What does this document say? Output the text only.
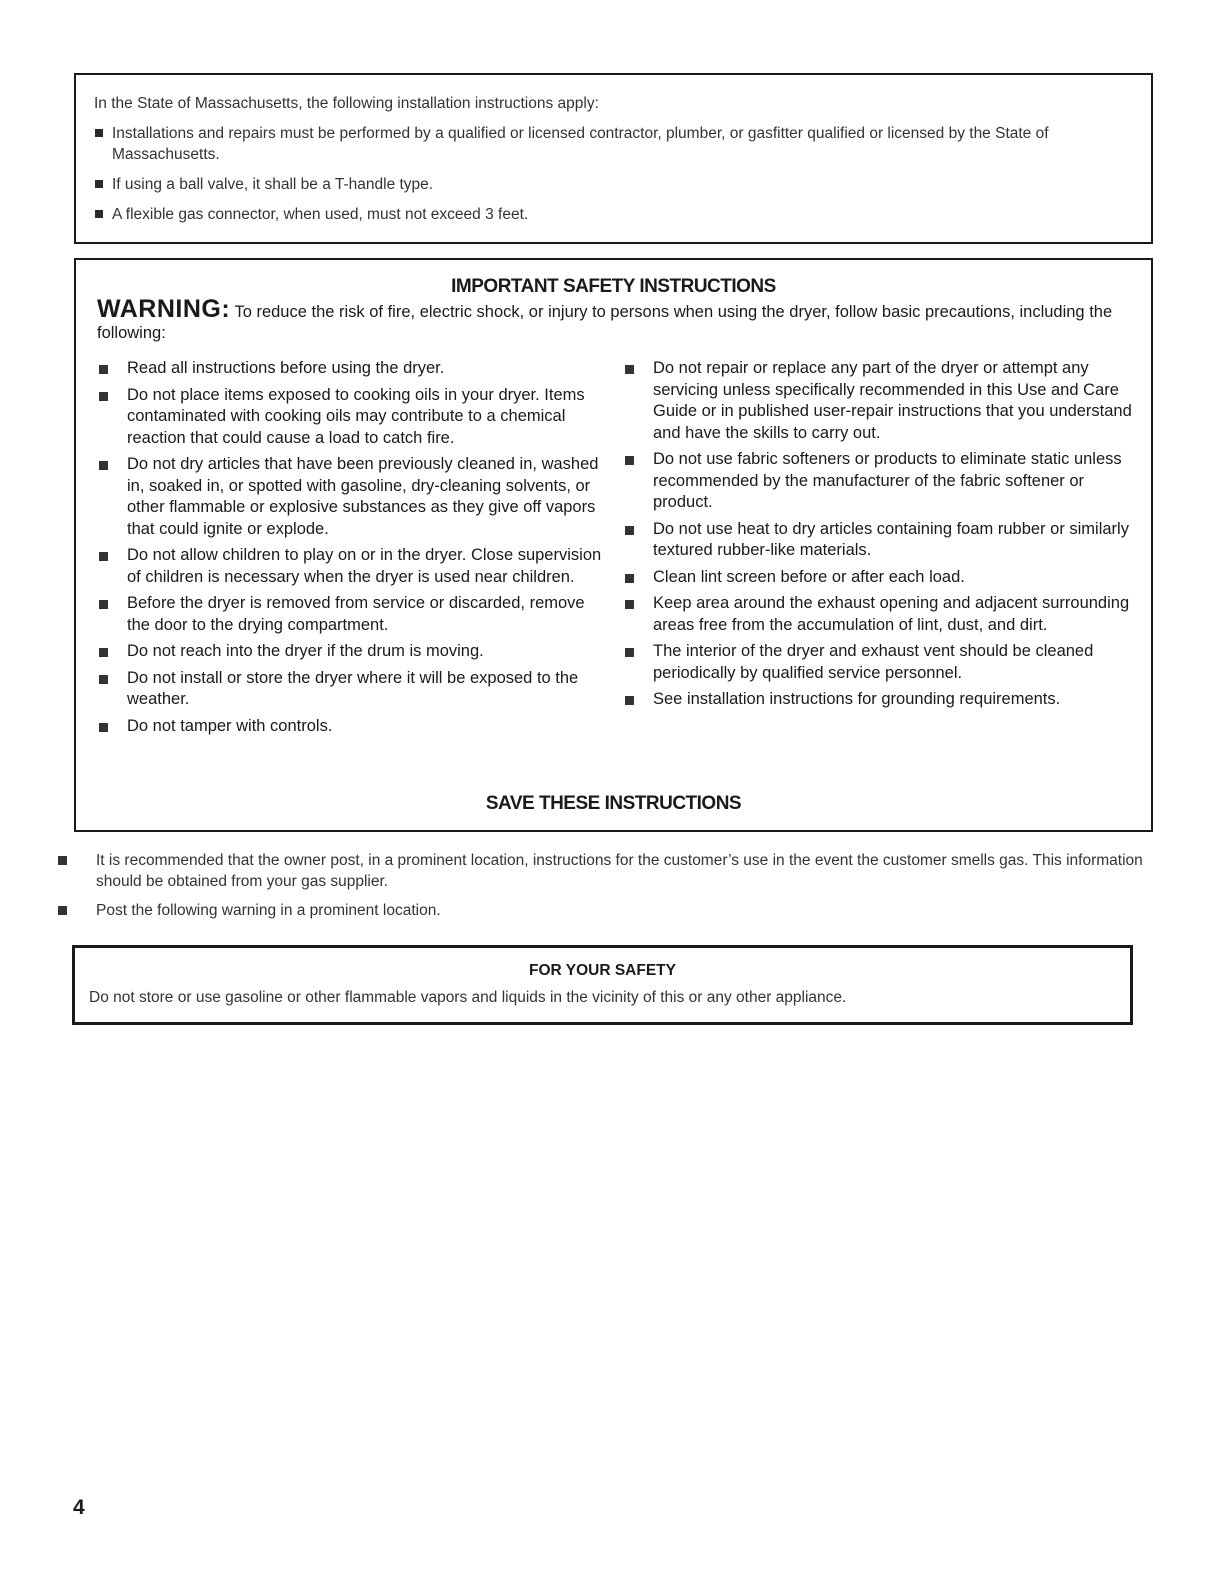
In the State of Massachusetts, the following installation instructions apply:

Installations and repairs must be performed by a qualified or licensed contractor, plumber, or gasfitter qualified or licensed by the State of Massachusetts.
If using a ball valve, it shall be a T-handle type.
A flexible gas connector, when used, must not exceed 3 feet.
IMPORTANT SAFETY INSTRUCTIONS
WARNING: To reduce the risk of fire, electric shock, or injury to persons when using the dryer, follow basic precautions, including the following:
Read all instructions before using the dryer.
Do not place items exposed to cooking oils in your dryer. Items contaminated with cooking oils may contribute to a chemical reaction that could cause a load to catch fire.
Do not dry articles that have been previously cleaned in, washed in, soaked in, or spotted with gasoline, dry-cleaning solvents, or other flammable or explosive substances as they give off vapors that could ignite or explode.
Do not allow children to play on or in the dryer. Close supervision of children is necessary when the dryer is used near children.
Before the dryer is removed from service or discarded, remove the door to the drying compartment.
Do not reach into the dryer if the drum is moving.
Do not install or store the dryer where it will be exposed to the weather.
Do not tamper with controls.
Do not repair or replace any part of the dryer or attempt any servicing unless specifically recommended in this Use and Care Guide or in published user-repair instructions that you understand and have the skills to carry out.
Do not use fabric softeners or products to eliminate static unless recommended by the manufacturer of the fabric softener or product.
Do not use heat to dry articles containing foam rubber or similarly textured rubber-like materials.
Clean lint screen before or after each load.
Keep area around the exhaust opening and adjacent surrounding areas free from the accumulation of lint, dust, and dirt.
The interior of the dryer and exhaust vent should be cleaned periodically by qualified service personnel.
See installation instructions for grounding requirements.
SAVE THESE INSTRUCTIONS
It is recommended that the owner post, in a prominent location, instructions for the customer’s use in the event the customer smells gas. This information should be obtained from your gas supplier.
Post the following warning in a prominent location.
FOR YOUR SAFETY
Do not store or use gasoline or other flammable vapors and liquids in the vicinity of this or any other appliance.
4
